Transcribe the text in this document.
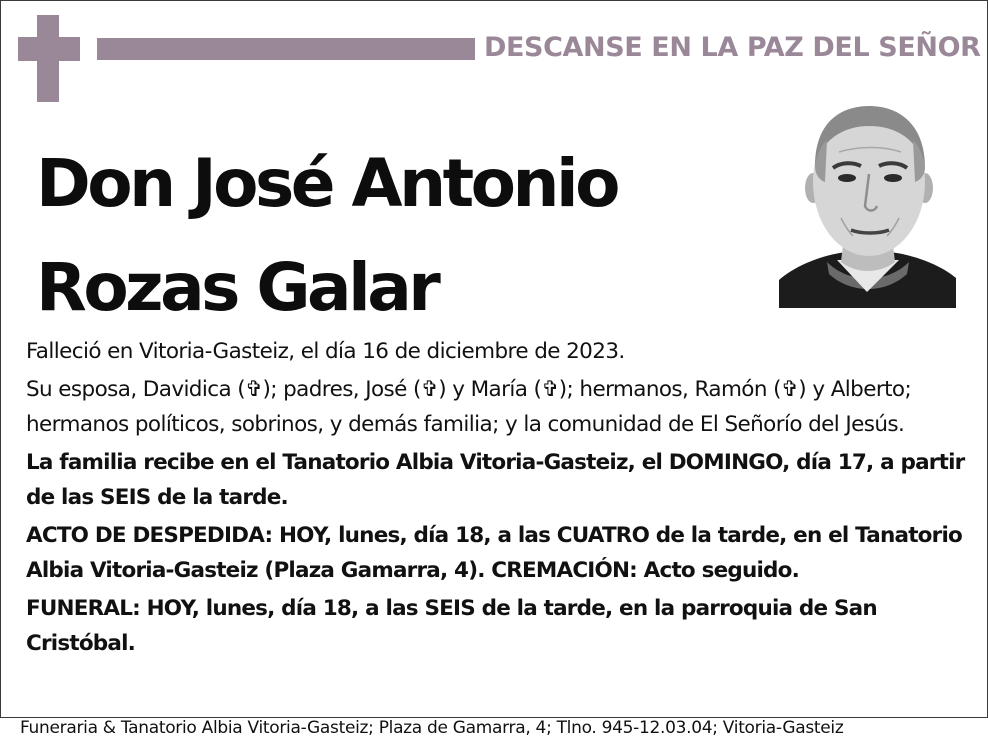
DESCANSE EN LA PAZ DEL SEÑOR
Don José Antonio
Rozas Galar

Falleció en Vitoria-Gasteiz, el día 16 de diciembre de 2023.

Su esposa, Davidica (✞); padres, José (✞) y María (✞); hermanos, Ramón (✞) y Alberto; hermanos políticos, sobrinos, y demás familia; y la comunidad de El Señorío del Jesús.

La familia recibe en el Tanatorio Albia Vitoria-Gasteiz, el DOMINGO, día 17, a partir de las SEIS de la tarde.

ACTO DE DESPEDIDA: HOY, lunes, día 18, a las CUATRO de la tarde, en el Tanatorio Albia Vitoria-Gasteiz (Plaza Gamarra, 4). CREMACIÓN: Acto seguido.

FUNERAL: HOY, lunes, día 18, a las SEIS de la tarde, en la parroquia de San Cristóbal.

Funeraria & Tanatorio Albia Vitoria-Gasteiz; Plaza de Gamarra, 4; Tlno. 945-12.03.04; Vitoria-Gasteiz
